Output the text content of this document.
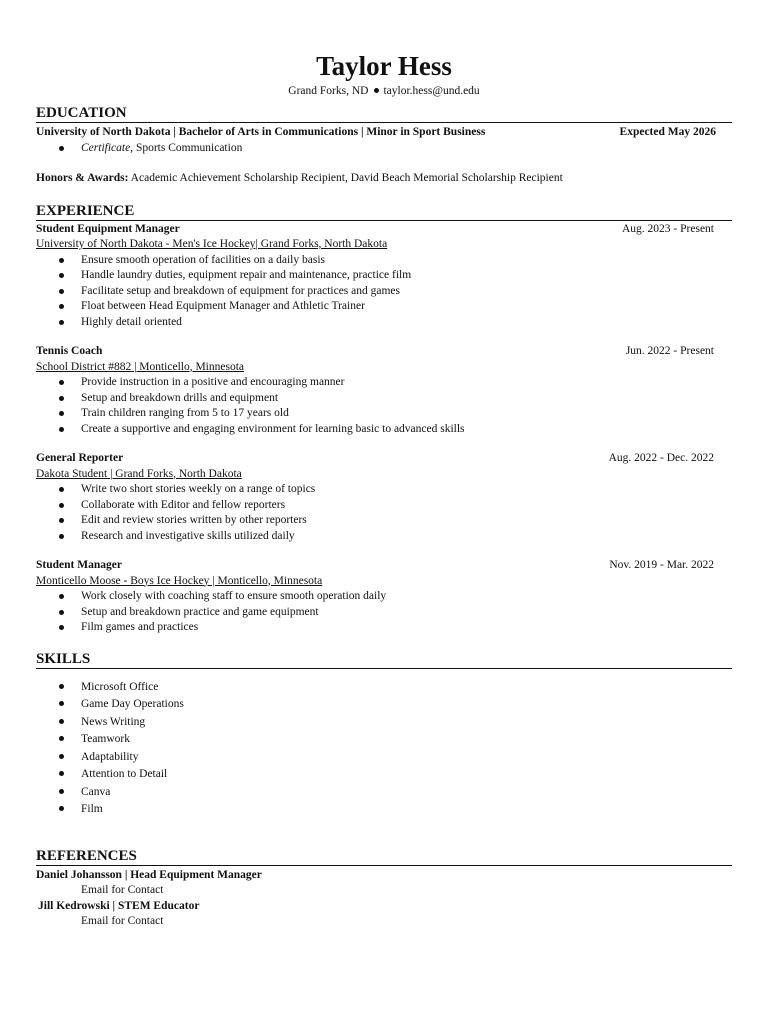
Taylor Hess
Grand Forks, ND taylor.hess@und.edu
EDUCATION
University of North Dakota | Bachelor of Arts in Communications | Minor in Sport Business	Expected May 2026
Certificate, Sports Communication
Honors & Awards: Academic Achievement Scholarship Recipient, David Beach Memorial Scholarship Recipient
EXPERIENCE
Student Equipment Manager	Aug. 2023 - Present
University of North Dakota - Men's Ice Hockey| Grand Forks, North Dakota
Ensure smooth operation of facilities on a daily basis
Handle laundry duties, equipment repair and maintenance, practice film
Facilitate setup and breakdown of equipment for practices and games
Float between Head Equipment Manager and Athletic Trainer
Highly detail oriented
Tennis Coach	Jun. 2022 - Present
School District #882 | Monticello, Minnesota
Provide instruction in a positive and encouraging manner
Setup and breakdown drills and equipment
Train children ranging from 5 to 17 years old
Create a supportive and engaging environment for learning basic to advanced skills
General Reporter	Aug. 2022 - Dec. 2022
Dakota Student | Grand Forks, North Dakota
Write two short stories weekly on a range of topics
Collaborate with Editor and fellow reporters
Edit and review stories written by other reporters
Research and investigative skills utilized daily
Student Manager	Nov. 2019 - Mar. 2022
Monticello Moose - Boys Ice Hockey | Monticello, Minnesota
Work closely with coaching staff to ensure smooth operation daily
Setup and breakdown practice and game equipment
Film games and practices
SKILLS
Microsoft Office
Game Day Operations
News Writing
Teamwork
Adaptability
Attention to Detail
Canva
Film
REFERENCES
Daniel Johansson | Head Equipment Manager
Email for Contact
Jill Kedrowski | STEM Educator
Email for Contact
